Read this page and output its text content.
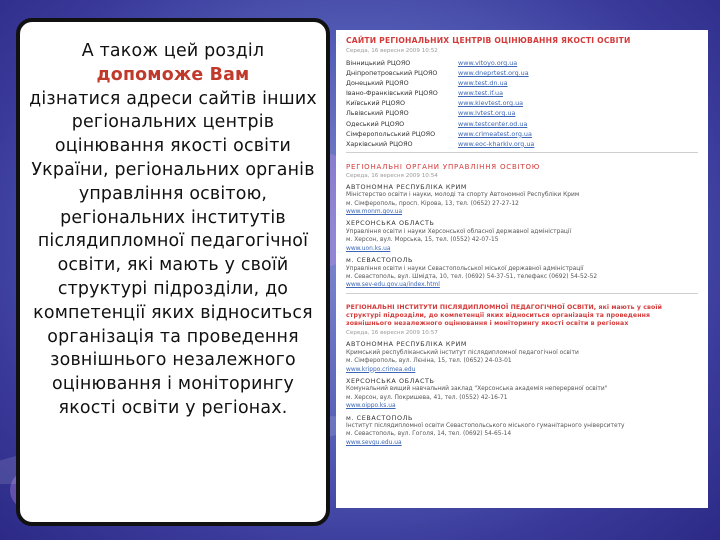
А також цей розділ
допоможе Вам
дізнатися адреси сайтів інших регіональних центрів оцінювання якості освіти України, регіональних органів управління освітою, регіональних інститутів післядипломної педагогічної освіти, які мають у своїй структурі підрозділи, до компетенції яких відноситься організація та проведення зовнішнього незалежного оцінювання і моніторингу якості освіти у регіонах.

САЙТИ РЕГІОНАЛЬНИХ ЦЕНТРІВ ОЦІНЮВАННЯ ЯКОСТІ ОСВІТИ
Середа, 16 вересня 2009 10:52
Вінницький РЦОЯО	www.vitoyo.org.ua
Дніпропетровський РЦОЯО	www.dneprtest.org.ua
Донецький РЦОЯО	www.test.dn.ua
Івано-Франківський РЦОЯО	www.test.if.ua
Київський РЦОЯО	www.kievtest.org.ua
Львівський РЦОЯО	www.lvtest.org.ua
Одеський РЦОЯО	www.testcenter.od.ua
Сімферопольський РЦОЯО	www.crimeatest.org.ua
Харківський РЦОЯО	www.eoc-kharkiv.org.ua
РЕГІОНАЛЬНІ ОРГАНИ УПРАВЛІННЯ ОСВІТОЮ
Середа, 16 вересня 2009 10:54
АВТОНОМНА РЕСПУБЛІКА КРИМ
Міністерство освіти і науки, молоді та спорту Автономної Республіки Крим
м. Сімферополь, просп. Кірова, 13, тел. (0652) 27-27-12
www.monm.gov.ua
ХЕРСОНСЬКА ОБЛАСТЬ
Управління освіти і науки Херсонської обласної державної адміністрації
м. Херсон, вул. Морська, 15, тел. (0552) 42-07-15
www.uon.ks.ua
м. СЕВАСТОПОЛЬ
Управління освіти і науки Севастопольської міської державної адміністрації
м. Севастополь, вул. Шмідта, 10, тел. (0692) 54-37-51, телефакс (0692) 54-52-52
www.sev-edu.gov.ua/index.html
РЕГІОНАЛЬНІ ІНСТИТУТИ ПІСЛЯДИПЛОМНОЇ ПЕДАГОГІЧНОЇ ОСВІТИ, які мають у своїй структурі підрозділи, до компетенції яких відноситься організація та проведення зовнішнього незалежного оцінювання і моніторингу якості освіти в регіонах
Середа, 16 вересня 2009 10:57
АВТОНОМНА РЕСПУБЛІКА КРИМ
Кримський республіканський інститут післядипломної педагогічної освіти
м. Сімферополь, вул. Лєніна, 15, тел. (0652) 24-03-01
www.krippo.crimea.edu
ХЕРСОНСЬКА ОБЛАСТЬ
Комунальний вищий навчальний заклад "Херсонська академія неперервної освіти"
м. Херсон, вул. Покришева, 41, тел. (0552) 42-16-71
www.oippo.ks.ua
м. СЕВАСТОПОЛЬ
Інститут післядипломної освіти Севастопольського міського гуманітарного університету
м. Севастополь, вул. Гоголя, 14, тел. (0692) 54-65-14
www.sevgu.edu.ua
